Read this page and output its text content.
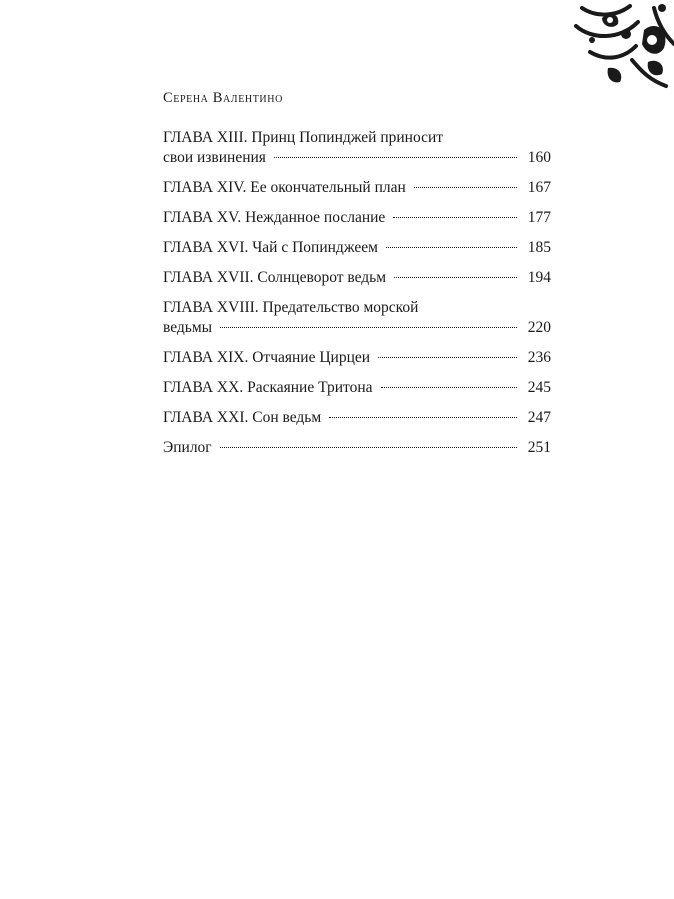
Серена Валентино
ГЛАВА XIII. Принц Попинджей приносит
свои извинения	160
ГЛАВА XIV. Ее окончательный план	167
ГЛАВА XV. Нежданное послание	177
ГЛАВА XVI. Чай с Попинджеем	185
ГЛАВА XVII. Солнцеворот ведьм	194
ГЛАВА XVIII. Предательство морской
ведьмы	220
ГЛАВА XIX. Отчаяние Цирцеи	236
ГЛАВА XX. Раскаяние Тритона	245
ГЛАВА XXI. Сон ведьм	247
Эпилог	251
